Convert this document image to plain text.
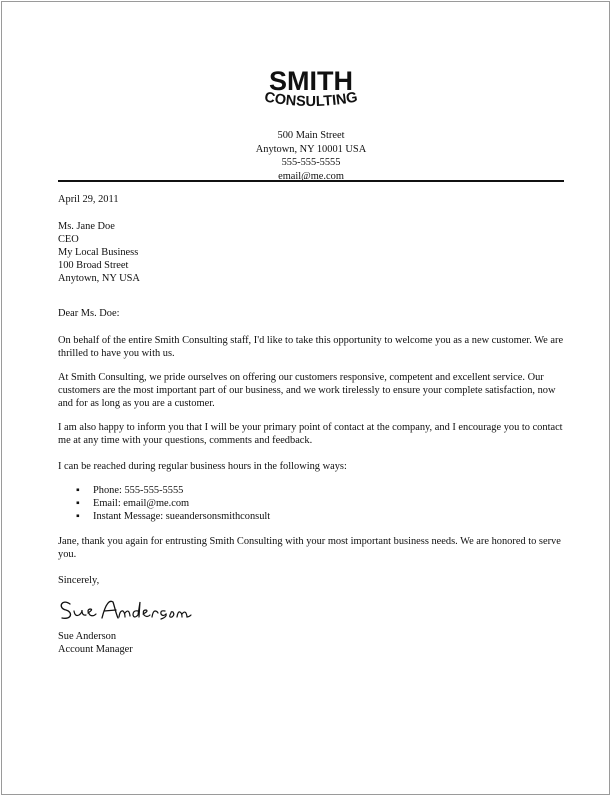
SMITH
CONSULTING
500 Main Street
Anytown, NY 10001 USA
555-555-5555
email@me.com
April 29, 2011
Ms. Jane Doe
CEO
My Local Business
100 Broad Street
Anytown, NY USA
Dear Ms. Doe:

On behalf of the entire Smith Consulting staff, I'd like to take this opportunity to welcome you as a new customer. We are thrilled to have you with us.

At Smith Consulting, we pride ourselves on offering our customers responsive, competent and excellent service. Our customers are the most important part of our business, and we work tirelessly to ensure your complete satisfaction, now and for as long as you are a customer.

I am also happy to inform you that I will be your primary point of contact at the company, and I encourage you to contact me at any time with your questions, comments and feedback.

I can be reached during regular business hours in the following ways:

▪ Phone: 555-555-5555
▪ Email: email@me.com
▪ Instant Message: sueandersonsmithconsult

Jane, thank you again for entrusting Smith Consulting with your most important business needs. We are honored to serve you.

Sincerely,
Sue Anderson
Account Manager
